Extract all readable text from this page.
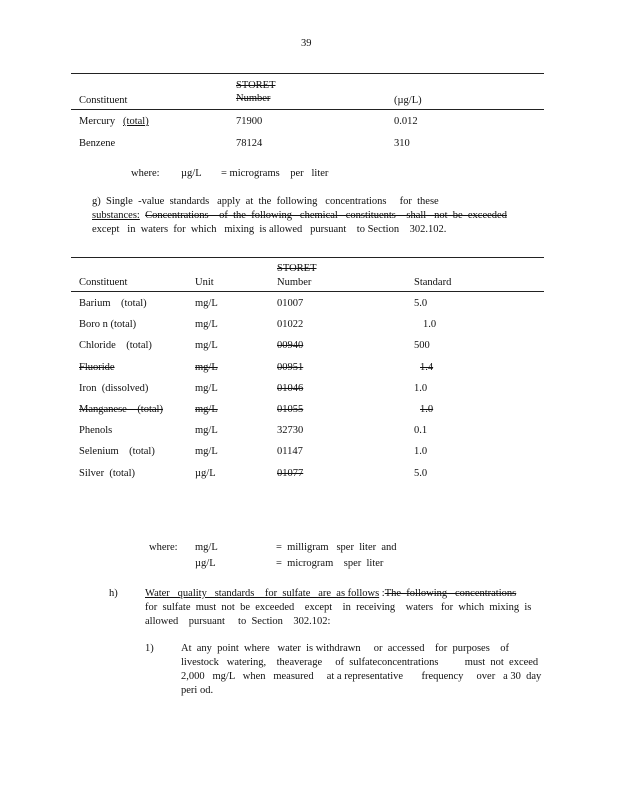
39
STORET
Number
Constituent	(µg/L)
Mercury (total)	71900	0.012
Benzene	78124	310
where: µg/L = micrograms    per   liter
g)  Single  -value  standards   apply  at  the  following   concentrations     for  these
substances: Concentrations    of  the  following   chemical   constituents    shall   not  be  exceeded
except   in  waters  for  which   mixing  is allowed   pursuant    to Section    302.102.
STORET
Number
Constituent	Unit	Standard
Barium    (total)	mg/L	01007	5.0
Boro n (total)	mg/L	01022	1.0
Chloride    (total)	mg/L	00940	500
Fluoride	mg/L	00951	1.4
Iron  (dissolved)	mg/L	01046	1.0
Manganese    (total)	mg/L	01055	1.0
Phenols	mg/L	32730	0.1
Selenium    (total)	mg/L	01147	1.0
Silver  (total)	µg/L	01077	5.0
where: mg/L	=  milligram   sper  liter  and
µg/L	=  microgram    sper  liter
h)	Water   quality   standards    for  sulfate   are  as follows :The  following   concentrations
for  sulfate  must  not  be  exceeded    except    in  receiving    waters   for  which  mixing  is
allowed    pursuant     to  Section    302.102:
1)	At  any  point  where   water  is withdrawn     or  accessed    for  purposes    of
livestock   watering,    theaverage     of  sulfateconcentrations          must  not  exceed
2,000   mg/L   when   measured     at a representative       frequency     over   a 30  day
peri od.
